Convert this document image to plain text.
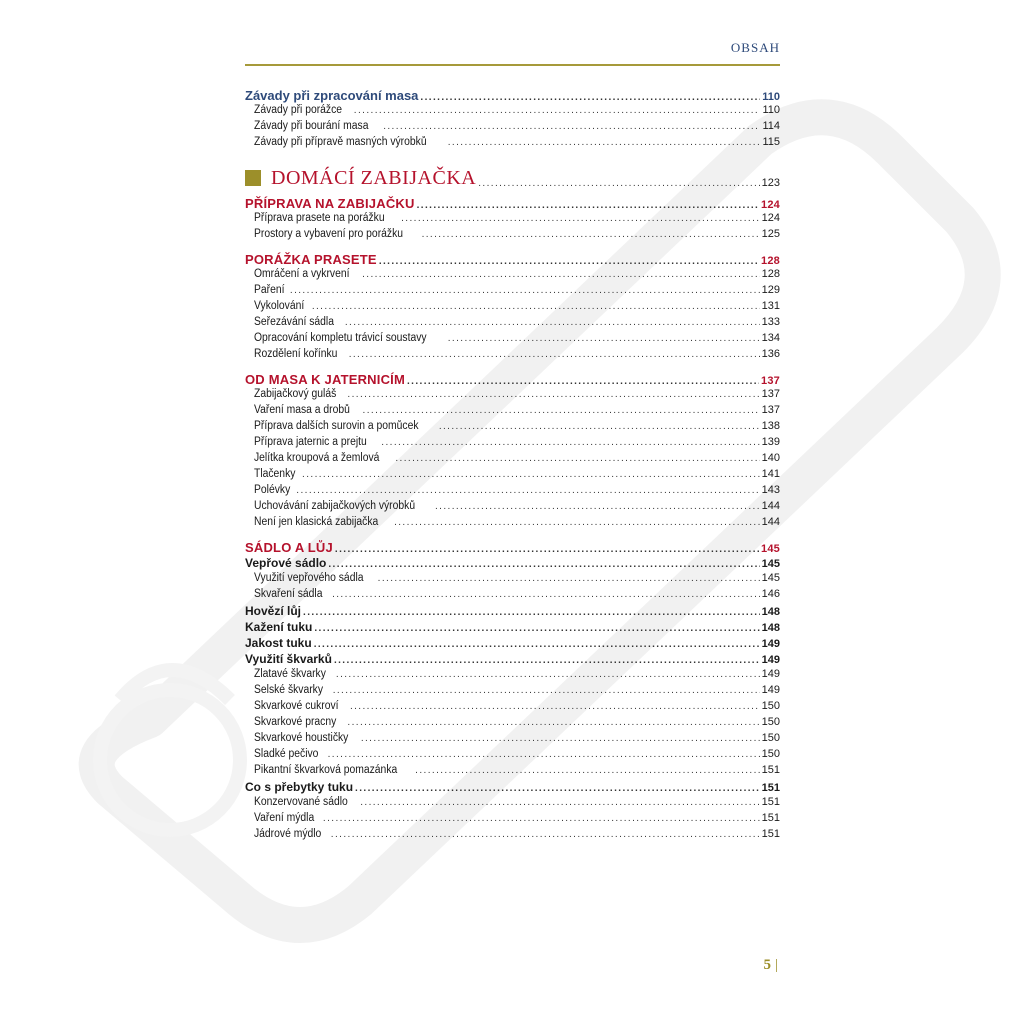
OBSAH
Závady při zpracování masa .....	110
Závady při porážce .....	110
Závady při bourání masa .....	114
Závady při přípravě masných výrobků .....	115
DOMÁCÍ ZABIJAČKA .....	123
PŘÍPRAVA NA ZABIJAČKU .....	124
Příprava prasete na porážku .....	124
Prostory a vybavení pro porážku .....	125
PORÁŽKA PRASETE .....	128
Omráčení a vykrvení .....	128
Paření .....	129
Vykolování .....	131
Seřezávání sádla .....	133
Opracování kompletu trávicí soustavy .....	134
Rozdělení kořínku .....	136
OD MASA K JATERNICÍM .....	137
Zabijačkový guláš .....	137
Vaření masa a drobů .....	137
Příprava dalších surovin a pomůcek .....	138
Příprava jaternic a prejtu .....	139
Jelítka kroupová a žemlová .....	140
Tlačenky .....	141
Polévky .....	143
Uchovávání zabijačkových výrobků .....	144
Není jen klasická zabijačka .....	144
SÁDLO A LŮJ .....	145
Vepřové sádlo .....	145
Využití vepřového sádla .....	145
Škvaření sádla .....	146
Hovězí lůj .....	148
Kažení tuku .....	148
Jakost tuku .....	149
Využití škvarků .....	149
Zlatavé škvarky .....	149
Selské škvarky .....	149
Škvarkové cukroví .....	150
Škvarkové pracny .....	150
Škvarkové houstičky .....	150
Sladké pečivo .....	150
Pikantní škvarková pomazánka .....	151
Co s přebytky tuku .....	151
Konzervované sádlo .....	151
Vaření mýdla .....	151
Jádrové mýdlo .....	151
5 |
